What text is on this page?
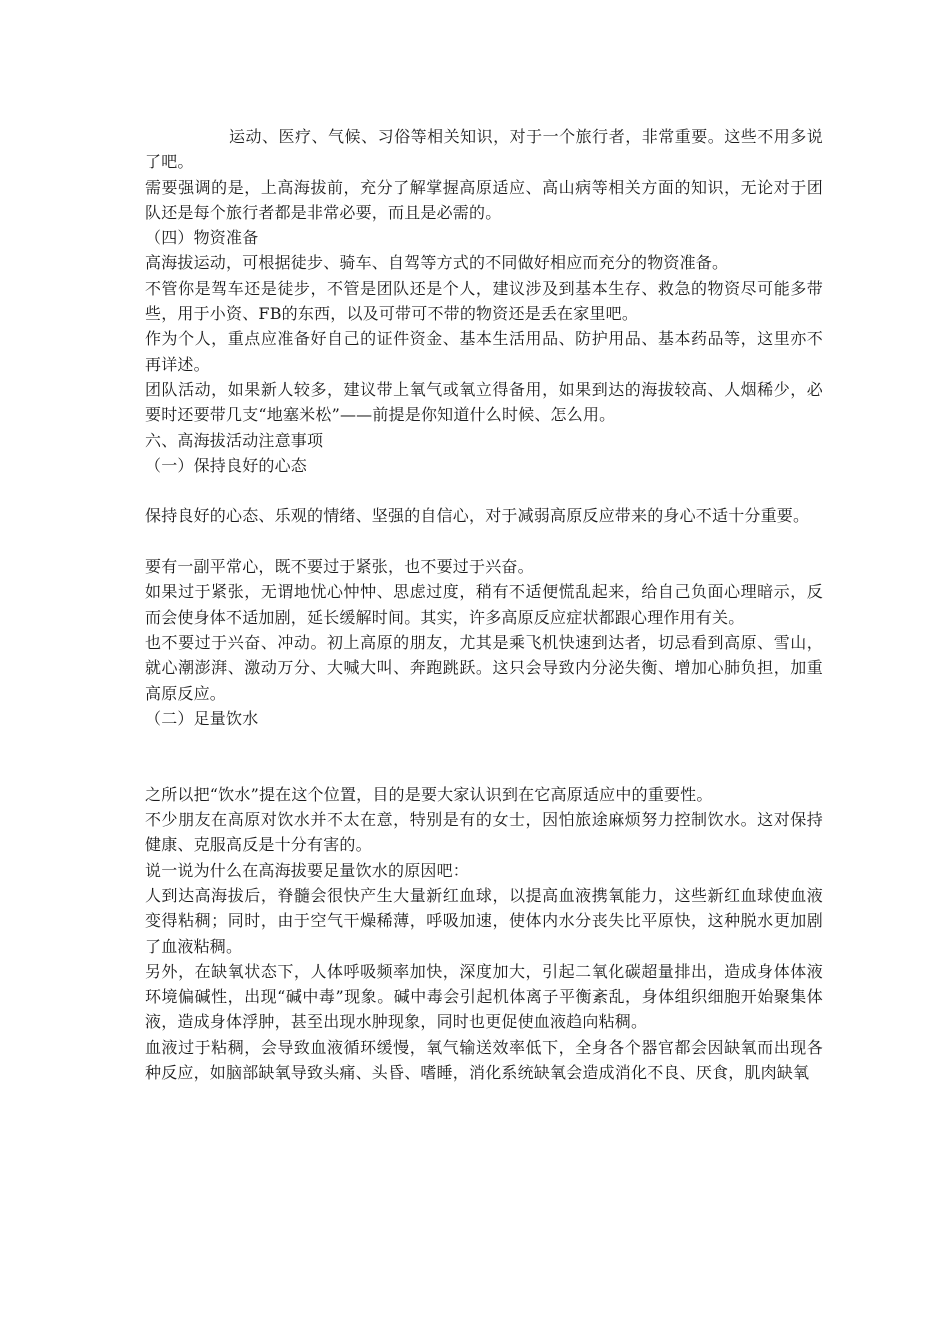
运动、医疗、气候、习俗等相关知识，对于一个旅行者，非常重要。这些不用多说了吧。

需要强调的是，上高海拔前，充分了解掌握高原适应、高山病等相关方面的知识，无论对于团队还是每个旅行者都是非常必要，而且是必需的。

（四）物资准备

高海拔运动，可根据徒步、骑车、自驾等方式的不同做好相应而充分的物资准备。

不管你是驾车还是徒步，不管是团队还是个人，建议涉及到基本生存、救急的物资尽可能多带些，用于小资、FB的东西，以及可带可不带的物资还是丢在家里吧。

作为个人，重点应准备好自己的证件资金、基本生活用品、防护用品、基本药品等，这里亦不再详述。

团队活动，如果新人较多，建议带上氧气或氧立得备用，如果到达的海拔较高、人烟稀少，必要时还要带几支“地塞米松”——前提是你知道什么时候、怎么用。

六、高海拔活动注意事项

（一）保持良好的心态

保持良好的心态、乐观的情绪、坚强的自信心，对于减弱高原反应带来的身心不适十分重要。

要有一副平常心，既不要过于紧张，也不要过于兴奋。

如果过于紧张，无谓地忧心忡忡、思虑过度，稍有不适便慌乱起来，给自己负面心理暗示，反而会使身体不适加剧，延长缓解时间。其实，许多高原反应症状都跟心理作用有关。

也不要过于兴奋、冲动。初上高原的朋友，尤其是乘飞机快速到达者，切忌看到高原、雪山，就心潮澎湃、激动万分、大喊大叫、奔跑跳跃。这只会导致内分泌失衡、增加心肺负担，加重高原反应。

（二）足量饮水

之所以把“饮水”提在这个位置，目的是要大家认识到在它高原适应中的重要性。

不少朋友在高原对饮水并不太在意，特别是有的女士，因怕旅途麻烦努力控制饮水。这对保持健康、克服高反是十分有害的。

说一说为什么在高海拔要足量饮水的原因吧：

人到达高海拔后，脊髓会很快产生大量新红血球，以提高血液携氧能力，这些新红血球使血液变得粘稠；同时，由于空气干燥稀薄，呼吸加速，使体内水分丧失比平原快，这种脱水更加剧了血液粘稠。

另外，在缺氧状态下，人体呼吸频率加快，深度加大，引起二氧化碳超量排出，造成身体体液环境偏碱性，出现“碱中毒”现象。碱中毒会引起机体离子平衡紊乱，身体组织细胞开始聚集体液，造成身体浮肿，甚至出现水肿现象，同时也更促使血液趋向粘稠。

血液过于粘稠，会导致血液循环缓慢，氧气输送效率低下，全身各个器官都会因缺氧而出现各种反应，如脑部缺氧导致头痛、头昏、嗜睡，消化系统缺氧会造成消化不良、厌食，肌肉缺氧
